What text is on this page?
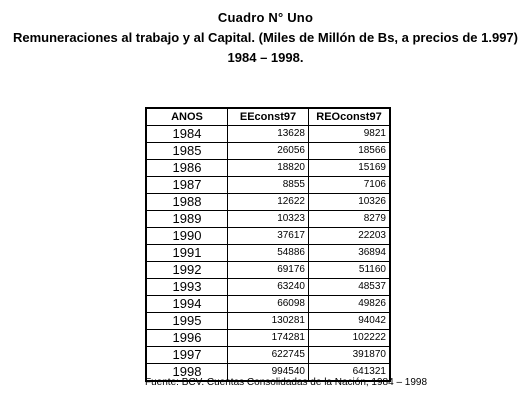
Cuadro N° Uno
Remuneraciones al trabajo y al Capital. (Miles de Millón de Bs, a precios de 1.997)
1984 – 1998.
ANOS	EEconst97	REOconst97
1984	13628	9821
1985	26056	18566
1986	18820	15169
1987	8855	7106
1988	12622	10326
1989	10323	8279
1990	37617	22203
1991	54886	36894
1992	69176	51160
1993	63240	48537
1994	66098	49826
1995	130281	94042
1996	174281	102222
1997	622745	391870
1998	994540	641321
Fuente: BCV. Cuentas Consolidadas de la Nación, 1984 – 1998
